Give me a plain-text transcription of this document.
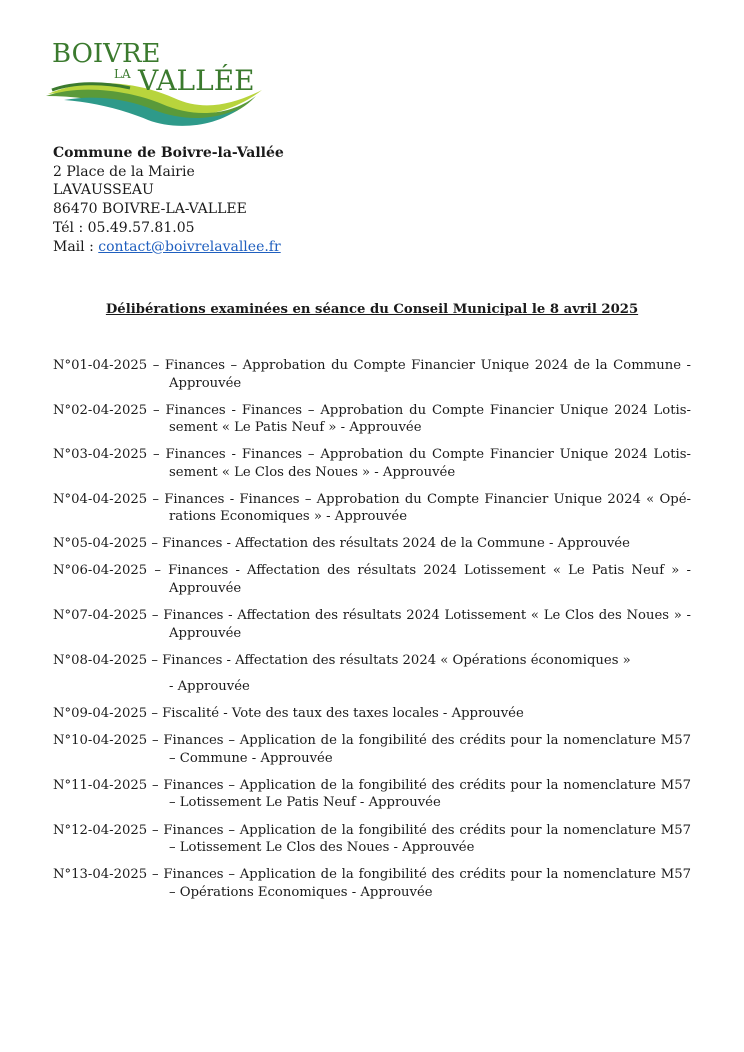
BOIVRE
LA VALLÉE
Commune de Boivre-la-Vallée
2 Place de la Mairie
LAVAUSSEAU
86470 BOIVRE-LA-VALLEE
Tél : 05.49.57.81.05
Mail : contact@boivrelavallee.fr
Délibérations examinées en séance du Conseil Municipal le 8 avril 2025
N°01-04-2025 – Finances – Approbation du Compte Financier Unique 2024 de la Commune - Approuvée
N°02-04-2025 – Finances - Finances – Approbation du Compte Financier Unique 2024 Lotissement « Le Patis Neuf » - Approuvée
N°03-04-2025 – Finances - Finances – Approbation du Compte Financier Unique 2024 Lotissement « Le Clos des Noues » - Approuvée
N°04-04-2025 – Finances - Finances – Approbation du Compte Financier Unique 2024 « Opérations Economiques » - Approuvée
N°05-04-2025 – Finances - Affectation des résultats 2024 de la Commune - Approuvée
N°06-04-2025 – Finances - Affectation des résultats 2024 Lotissement « Le Patis Neuf » - Approuvée
N°07-04-2025 – Finances - Affectation des résultats 2024 Lotissement « Le Clos des Noues » - Approuvée
N°08-04-2025 – Finances - Affectation des résultats 2024 « Opérations économiques »
- Approuvée
N°09-04-2025 – Fiscalité - Vote des taux des taxes locales - Approuvée
N°10-04-2025 – Finances – Application de la fongibilité des crédits pour la nomenclature M57 – Commune - Approuvée
N°11-04-2025 – Finances – Application de la fongibilité des crédits pour la nomenclature M57 – Lotissement Le Patis Neuf - Approuvée
N°12-04-2025 – Finances – Application de la fongibilité des crédits pour la nomenclature M57 – Lotissement Le Clos des Noues - Approuvée
N°13-04-2025 – Finances – Application de la fongibilité des crédits pour la nomenclature M57 – Opérations Economiques - Approuvée
